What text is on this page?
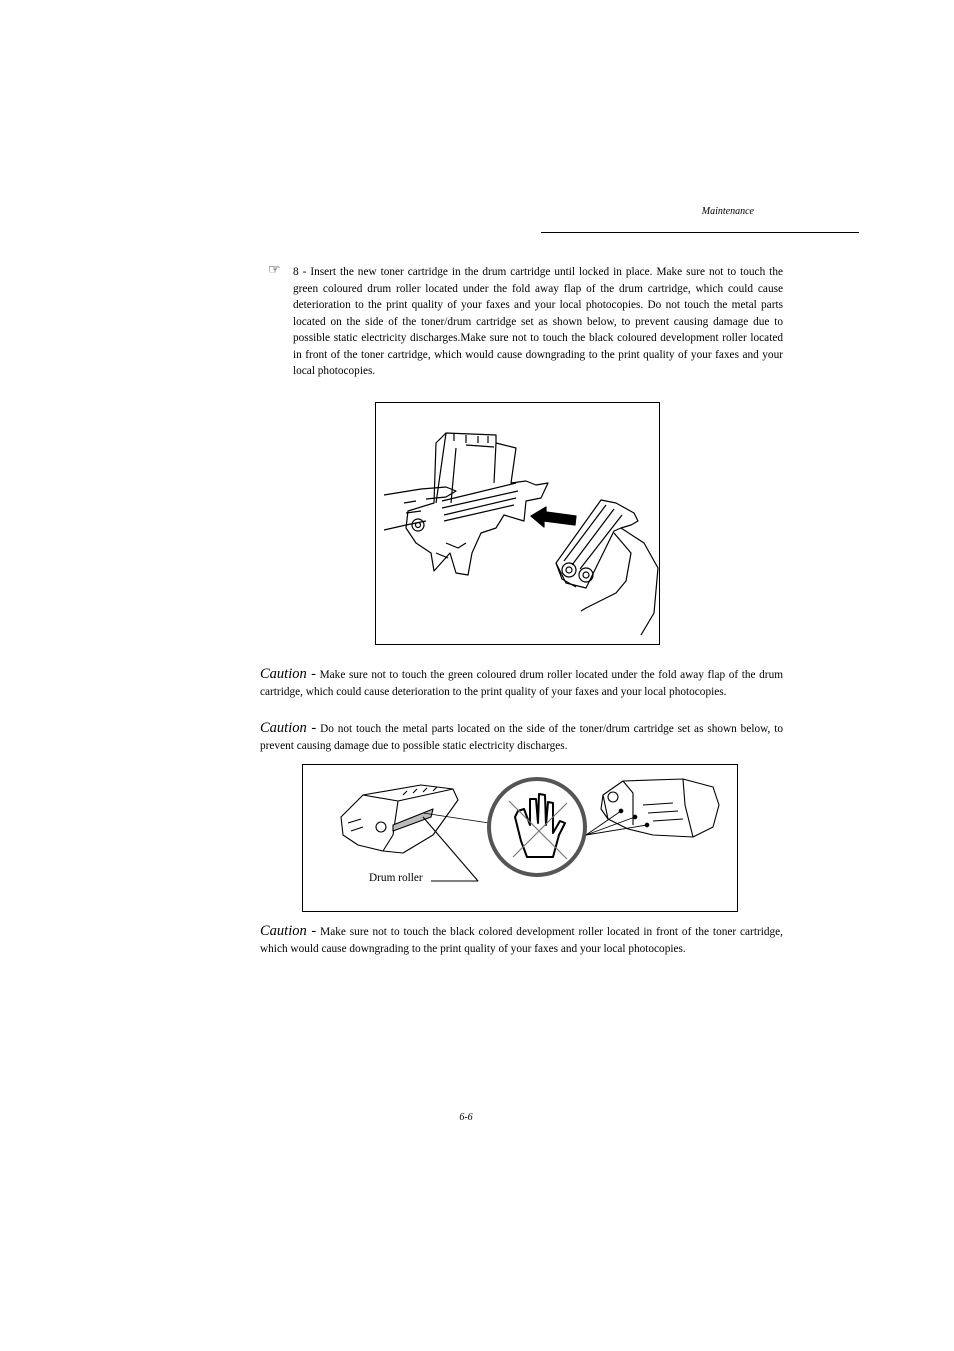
Maintenance
☞ 8 - Insert the new toner cartridge in the drum cartridge until locked in place. Make sure not to touch the green coloured drum roller located under the fold away flap of the drum cartridge, which could cause deterioration to the print quality of your faxes and your local photocopies. Do not touch the metal parts located on the side of the toner/drum cartridge set as shown below, to prevent causing damage due to possible static electricity discharges.Make sure not to touch the black coloured development roller located in front of the toner cartridge, which would cause downgrading to the print quality of your faxes and your local photocopies.
Caution - Make sure not to touch the green coloured drum roller located under the fold away flap of the drum cartridge, which could cause deterioration to the print quality of your faxes and your local photocopies.
Caution - Do not touch the metal parts located on the side of the toner/drum cartridge set as shown below, to prevent causing damage due to possible static electricity discharges.
Drum roller
Caution - Make sure not to touch the black colored development roller located in front of the toner cartridge, which would cause downgrading to the print quality of your faxes and your local photocopies.
6-6
